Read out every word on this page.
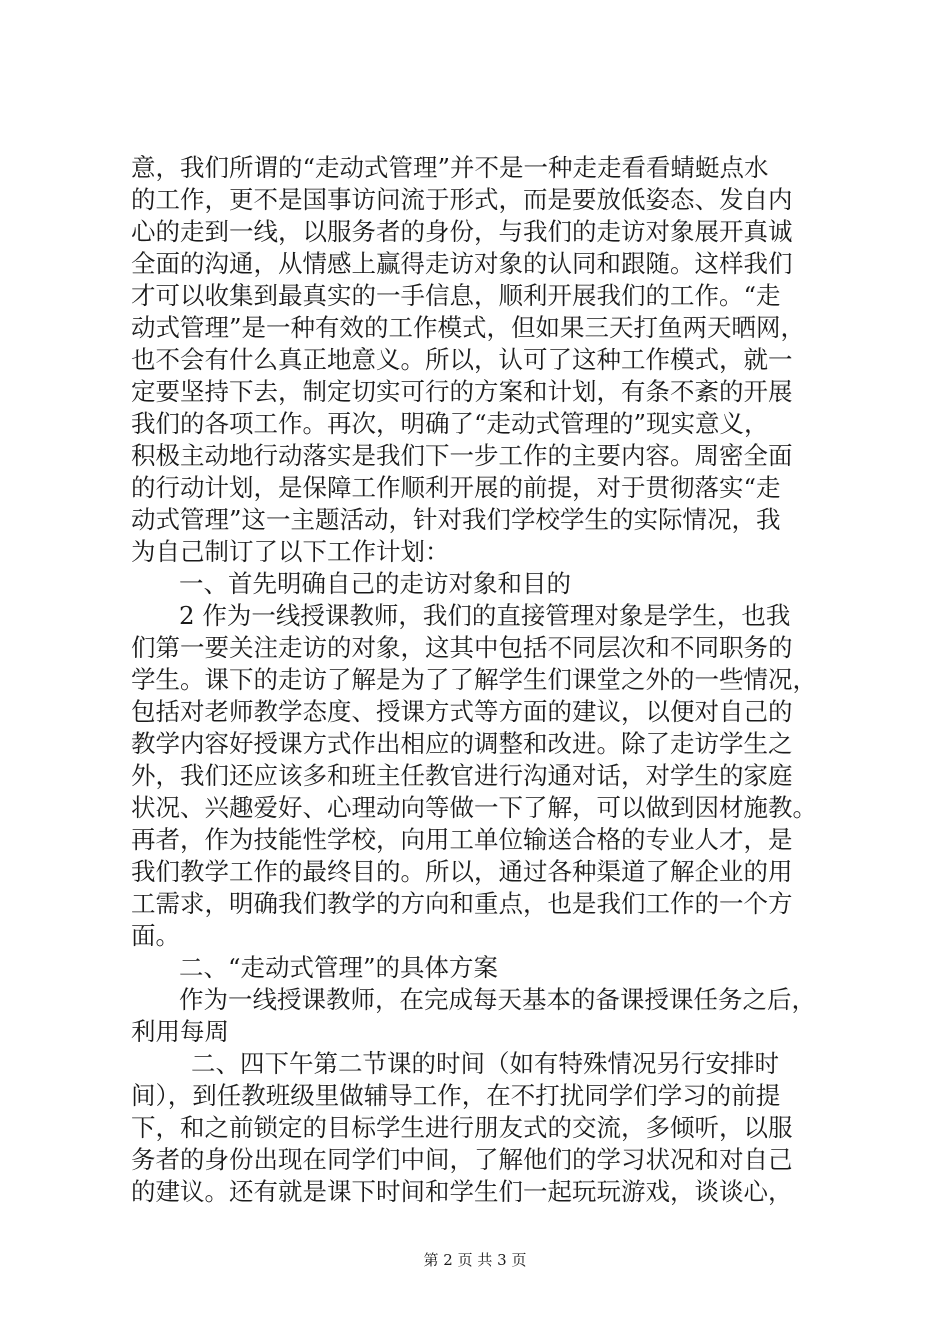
意，我们所谓的“走动式管理”并不是一种走走看看蜻蜓点水
的工作，更不是国事访问流于形式，而是要放低姿态、发自内
心的走到一线，以服务者的身份，与我们的走访对象展开真诚
全面的沟通，从情感上赢得走访对象的认同和跟随。这样我们
才可以收集到最真实的一手信息，顺利开展我们的工作。“走
动式管理”是一种有效的工作模式，但如果三天打鱼两天晒网，
也不会有什么真正地意义。所以，认可了这种工作模式，就一
定要坚持下去，制定切实可行的方案和计划，有条不紊的开展
我们的各项工作。再次，明确了“走动式管理的”现实意义，
积极主动地行动落实是我们下一步工作的主要内容。周密全面
的行动计划，是保障工作顺利开展的前提，对于贯彻落实“走
动式管理”这一主题活动，针对我们学校学生的实际情况，我
为自己制订了以下工作计划：
一、首先明确自己的走访对象和目的
2 作为一线授课教师，我们的直接管理对象是学生，也我
们第一要关注走访的对象，这其中包括不同层次和不同职务的
学生。课下的走访了解是为了了解学生们课堂之外的一些情况，
包括对老师教学态度、授课方式等方面的建议，以便对自己的
教学内容好授课方式作出相应的调整和改进。除了走访学生之
外，我们还应该多和班主任教官进行沟通对话，对学生的家庭
状况、兴趣爱好、心理动向等做一下了解，可以做到因材施教。
再者，作为技能性学校，向用工单位输送合格的专业人才，是
我们教学工作的最终目的。所以，通过各种渠道了解企业的用
工需求，明确我们教学的方向和重点，也是我们工作的一个方
面。
二、“走动式管理”的具体方案
作为一线授课教师，在完成每天基本的备课授课任务之后，
利用每周
二、四下午第二节课的时间（如有特殊情况另行安排时
间），到任教班级里做辅导工作，在不打扰同学们学习的前提
下，和之前锁定的目标学生进行朋友式的交流，多倾听，以服
务者的身份出现在同学们中间，了解他们的学习状况和对自己
的建议。还有就是课下时间和学生们一起玩玩游戏，谈谈心，
第 2 页 共 3 页
